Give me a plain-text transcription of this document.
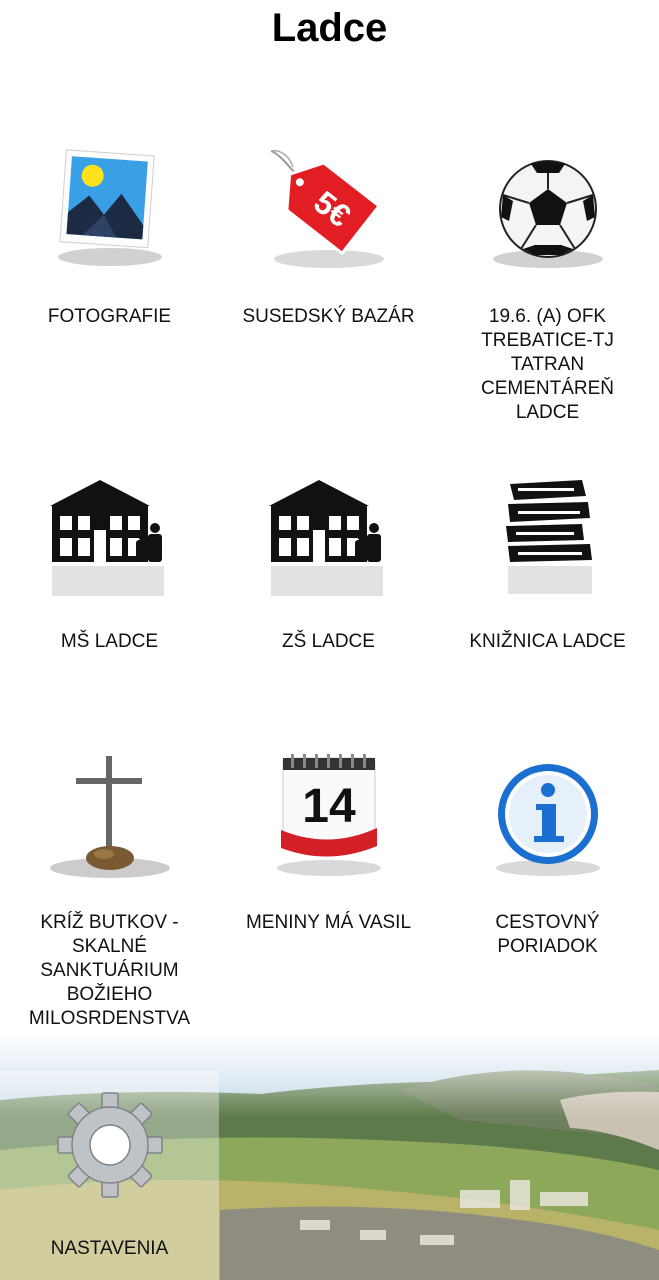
Ladce
FOTOGRAFIE
5€
SUSEDSKÝ BAZÁR	19.6. (A) OFK TREBATICE-TJ TATRAN CEMENTÁREŇ LADCE
MŠ LADCE	ZŠ LADCE	KNIŽNICA LADCE
KRÍŽ BUTKOV - SKALNÉ SANKTUÁRIUM BOŽIEHO MILOSRDENSTVA
14
MENINY MÁ VASIL	CESTOVNÝ PORIADOK
NASTAVENIA
